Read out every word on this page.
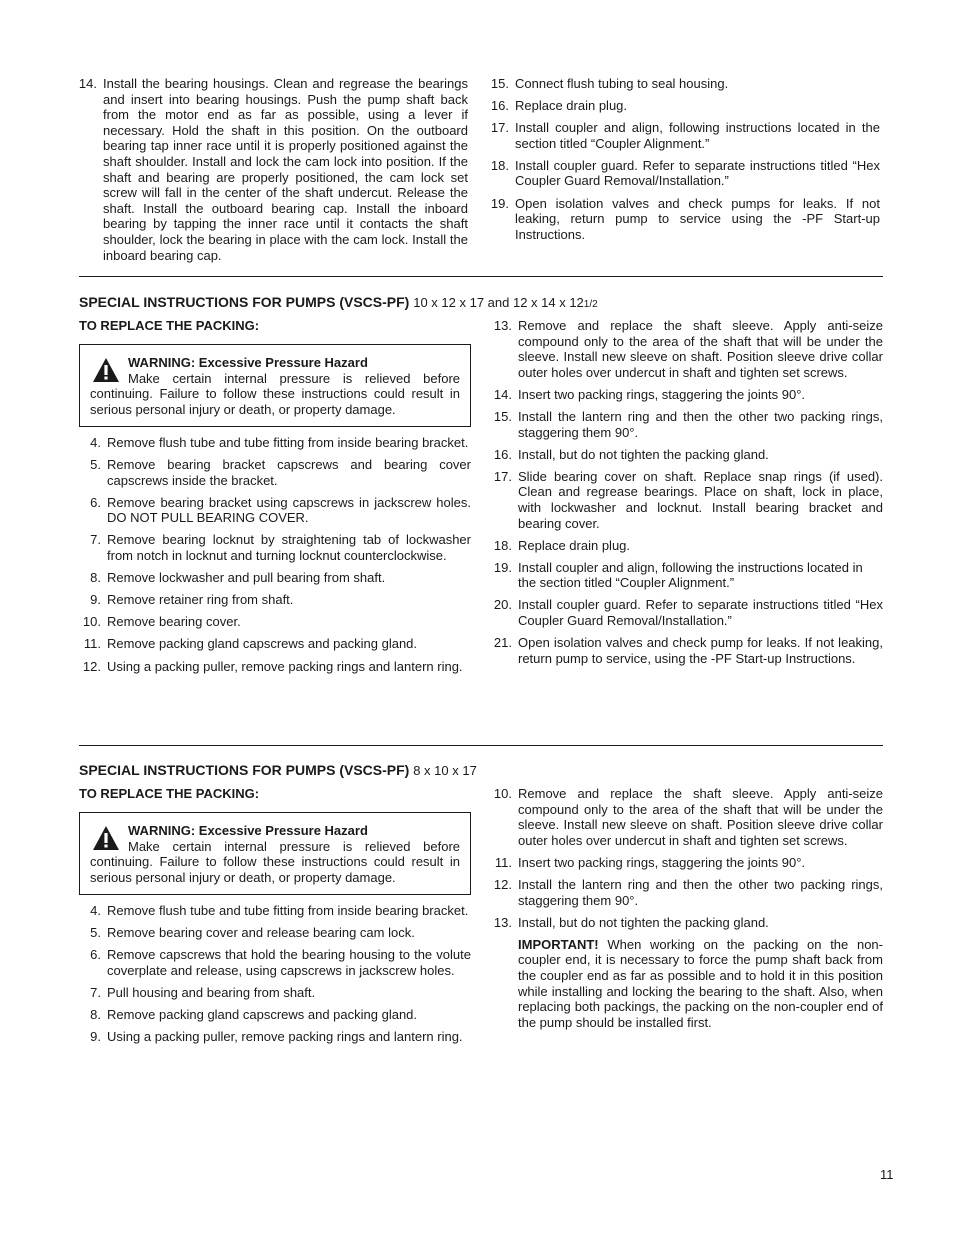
14. Install the bearing housings. Clean and regrease the bearings and insert into bearing housings. Push the pump shaft back from the motor end as far as possible, using a lever if necessary. Hold the shaft in this position. On the outboard bearing tap inner race until it is properly positioned against the shaft shoulder. Install and lock the cam lock into position. If the shaft and bearing are properly positioned, the cam lock set screw will fall in the center of the shaft undercut. Release the shaft. Install the outboard bearing cap. Install the inboard bearing by tapping the inner race until it contacts the shaft shoulder, lock the bearing in place with the cam lock. Install the inboard bearing cap.
15. Connect flush tubing to seal housing.
16. Replace drain plug.
17. Install coupler and align, following instructions located in the section titled “Coupler Alignment.”
18. Install coupler guard. Refer to separate instructions titled “Hex Coupler Guard Removal/Installation.”
19. Open isolation valves and check pumps for leaks. If not leaking, return pump to service using the -PF Start-up Instructions.
SPECIAL INSTRUCTIONS FOR PUMPS (VSCS-PF) 10 x 12 x 17 and 12 x 14 x 121/2
TO REPLACE THE PACKING:
WARNING: Excessive Pressure Hazard
Make certain internal pressure is relieved before continuing. Failure to follow these instructions could result in serious personal injury or death, or property damage.
4. Remove flush tube and tube fitting from inside bearing bracket.
5. Remove bearing bracket capscrews and bearing cover capscrews inside the bracket.
6. Remove bearing bracket using capscrews in jackscrew holes. DO NOT PULL BEARING COVER.
7. Remove bearing locknut by straightening tab of lockwasher from notch in locknut and turning locknut counterclockwise.
8. Remove lockwasher and pull bearing from shaft.
9. Remove retainer ring from shaft.
10. Remove bearing cover.
11. Remove packing gland capscrews and packing gland.
12. Using a packing puller, remove packing rings and lantern ring.
13. Remove and replace the shaft sleeve. Apply anti-seize compound only to the area of the shaft that will be under the sleeve. Install new sleeve on shaft. Position sleeve drive collar outer holes over undercut in shaft and tighten set screws.
14. Insert two packing rings, staggering the joints 90°.
15. Install the lantern ring and then the other two packing rings, staggering them 90°.
16. Install, but do not tighten the packing gland.
17. Slide bearing cover on shaft. Replace snap rings (if used). Clean and regrease bearings. Place on shaft, lock in place, with lockwasher and locknut. Install bearing bracket and bearing cover.
18. Replace drain plug.
19. Install coupler and align, following the instructions located in the section titled “Coupler Alignment.”
20. Install coupler guard. Refer to separate instructions titled “Hex Coupler Guard Removal/Installation.”
21. Open isolation valves and check pump for leaks. If not leaking, return pump to service, using the -PF Start-up Instructions.
SPECIAL INSTRUCTIONS FOR PUMPS (VSCS-PF) 8 x 10 x 17
TO REPLACE THE PACKING:
WARNING: Excessive Pressure Hazard
Make certain internal pressure is relieved before continuing. Failure to follow these instructions could result in serious personal injury or death, or property damage.
4. Remove flush tube and tube fitting from inside bearing bracket.
5. Remove bearing cover and release bearing cam lock.
6. Remove capscrews that hold the bearing housing to the volute coverplate and release, using capscrews in jackscrew holes.
7. Pull housing and bearing from shaft.
8. Remove packing gland capscrews and packing gland.
9. Using a packing puller, remove packing rings and lantern ring.
10. Remove and replace the shaft sleeve. Apply anti-seize compound only to the area of the shaft that will be under the sleeve. Install new sleeve on shaft. Position sleeve drive collar outer holes over undercut in shaft and tighten set screws.
11. Insert two packing rings, staggering the joints 90°.
12. Install the lantern ring and then the other two packing rings, staggering them 90°.
13. Install, but do not tighten the packing gland.
IMPORTANT! When working on the packing on the non-coupler end, it is necessary to force the pump shaft back from the coupler end as far as possible and to hold it in this position while installing and locking the bearing to the shaft. Also, when replacing both packings, the packing on the non-coupler end of the pump should be installed first.
11
